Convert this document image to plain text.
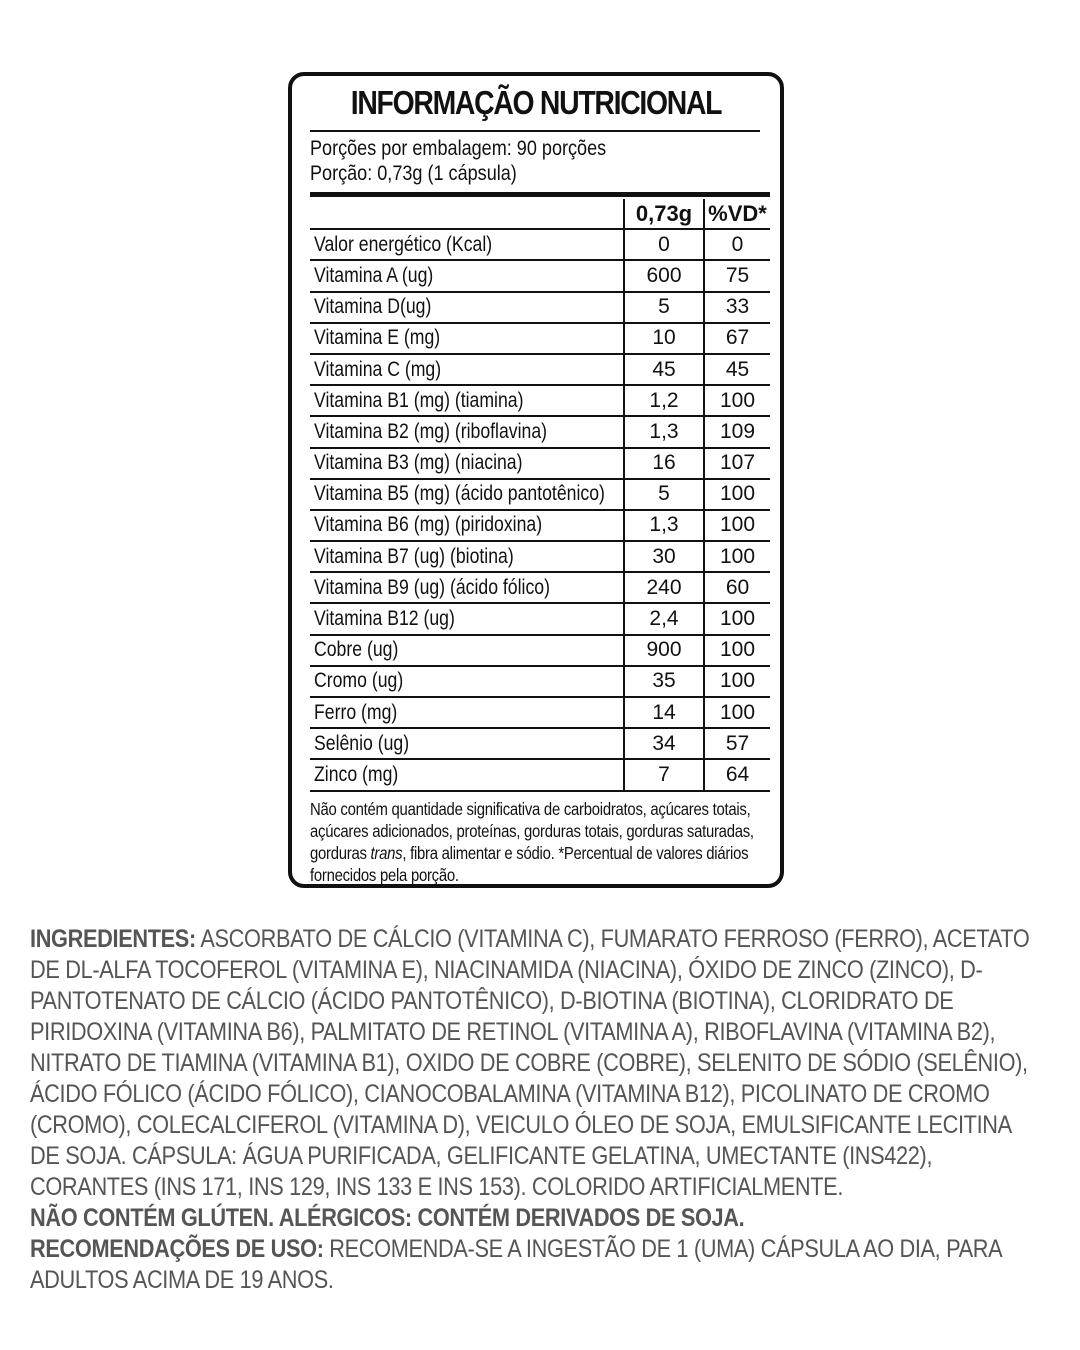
INFORMAÇÃO NUTRICIONAL
Porções por embalagem: 90 porções
Porção: 0,73g (1 cápsula)
	0,73g	%VD*
Valor energético (Kcal)	0	0
Vitamina A (ug)	600	75
Vitamina D(ug)	5	33
Vitamina E (mg)	10	67
Vitamina C (mg)	45	45
Vitamina B1 (mg) (tiamina)	1,2	100
Vitamina B2 (mg) (riboflavina)	1,3	109
Vitamina B3 (mg) (niacina)	16	107
Vitamina B5 (mg) (ácido pantotênico)	5	100
Vitamina B6 (mg) (piridoxina)	1,3	100
Vitamina B7 (ug) (biotina)	30	100
Vitamina B9 (ug) (ácido fólico)	240	60
Vitamina B12 (ug)	2,4	100
Cobre (ug)	900	100
Cromo (ug)	35	100
Ferro (mg)	14	100
Selênio (ug)	34	57
Zinco (mg)	7	64
Não contém quantidade significativa de carboidratos, açúcares totais, açúcares adicionados, proteínas, gorduras totais, gorduras saturadas, gorduras trans, fibra alimentar e sódio. *Percentual de valores diários fornecidos pela porção.

INGREDIENTES: ASCORBATO DE CÁLCIO (VITAMINA C), FUMARATO FERROSO (FERRO), ACETATO DE DL-ALFA TOCOFEROL (VITAMINA E), NIACINAMIDA (NIACINA), ÓXIDO DE ZINCO (ZINCO), D-PANTOTENATO DE CÁLCIO (ÁCIDO PANTOTÊNICO), D-BIOTINA (BIOTINA), CLORIDRATO DE PIRIDOXINA (VITAMINA B6), PALMITATO DE RETINOL (VITAMINA A), RIBOFLAVINA (VITAMINA B2), NITRATO DE TIAMINA (VITAMINA B1), OXIDO DE COBRE (COBRE), SELENITO DE SÓDIO (SELÊNIO), ÁCIDO FÓLICO (ÁCIDO FÓLICO), CIANOCOBALAMINA (VITAMINA B12), PICOLINATO DE CROMO (CROMO), COLECALCIFEROL (VITAMINA D), VEICULO ÓLEO DE SOJA, EMULSIFICANTE LECITINA DE SOJA. CÁPSULA: ÁGUA PURIFICADA, GELIFICANTE GELATINA, UMECTANTE (INS422), CORANTES (INS 171, INS 129, INS 133 E INS 153). COLORIDO ARTIFICIALMENTE.

NÃO CONTÉM GLÚTEN. ALÉRGICOS: CONTÉM DERIVADOS DE SOJA.

RECOMENDAÇÕES DE USO: RECOMENDA-SE A INGESTÃO DE 1 (UMA) CÁPSULA AO DIA, PARA ADULTOS ACIMA DE 19 ANOS.
